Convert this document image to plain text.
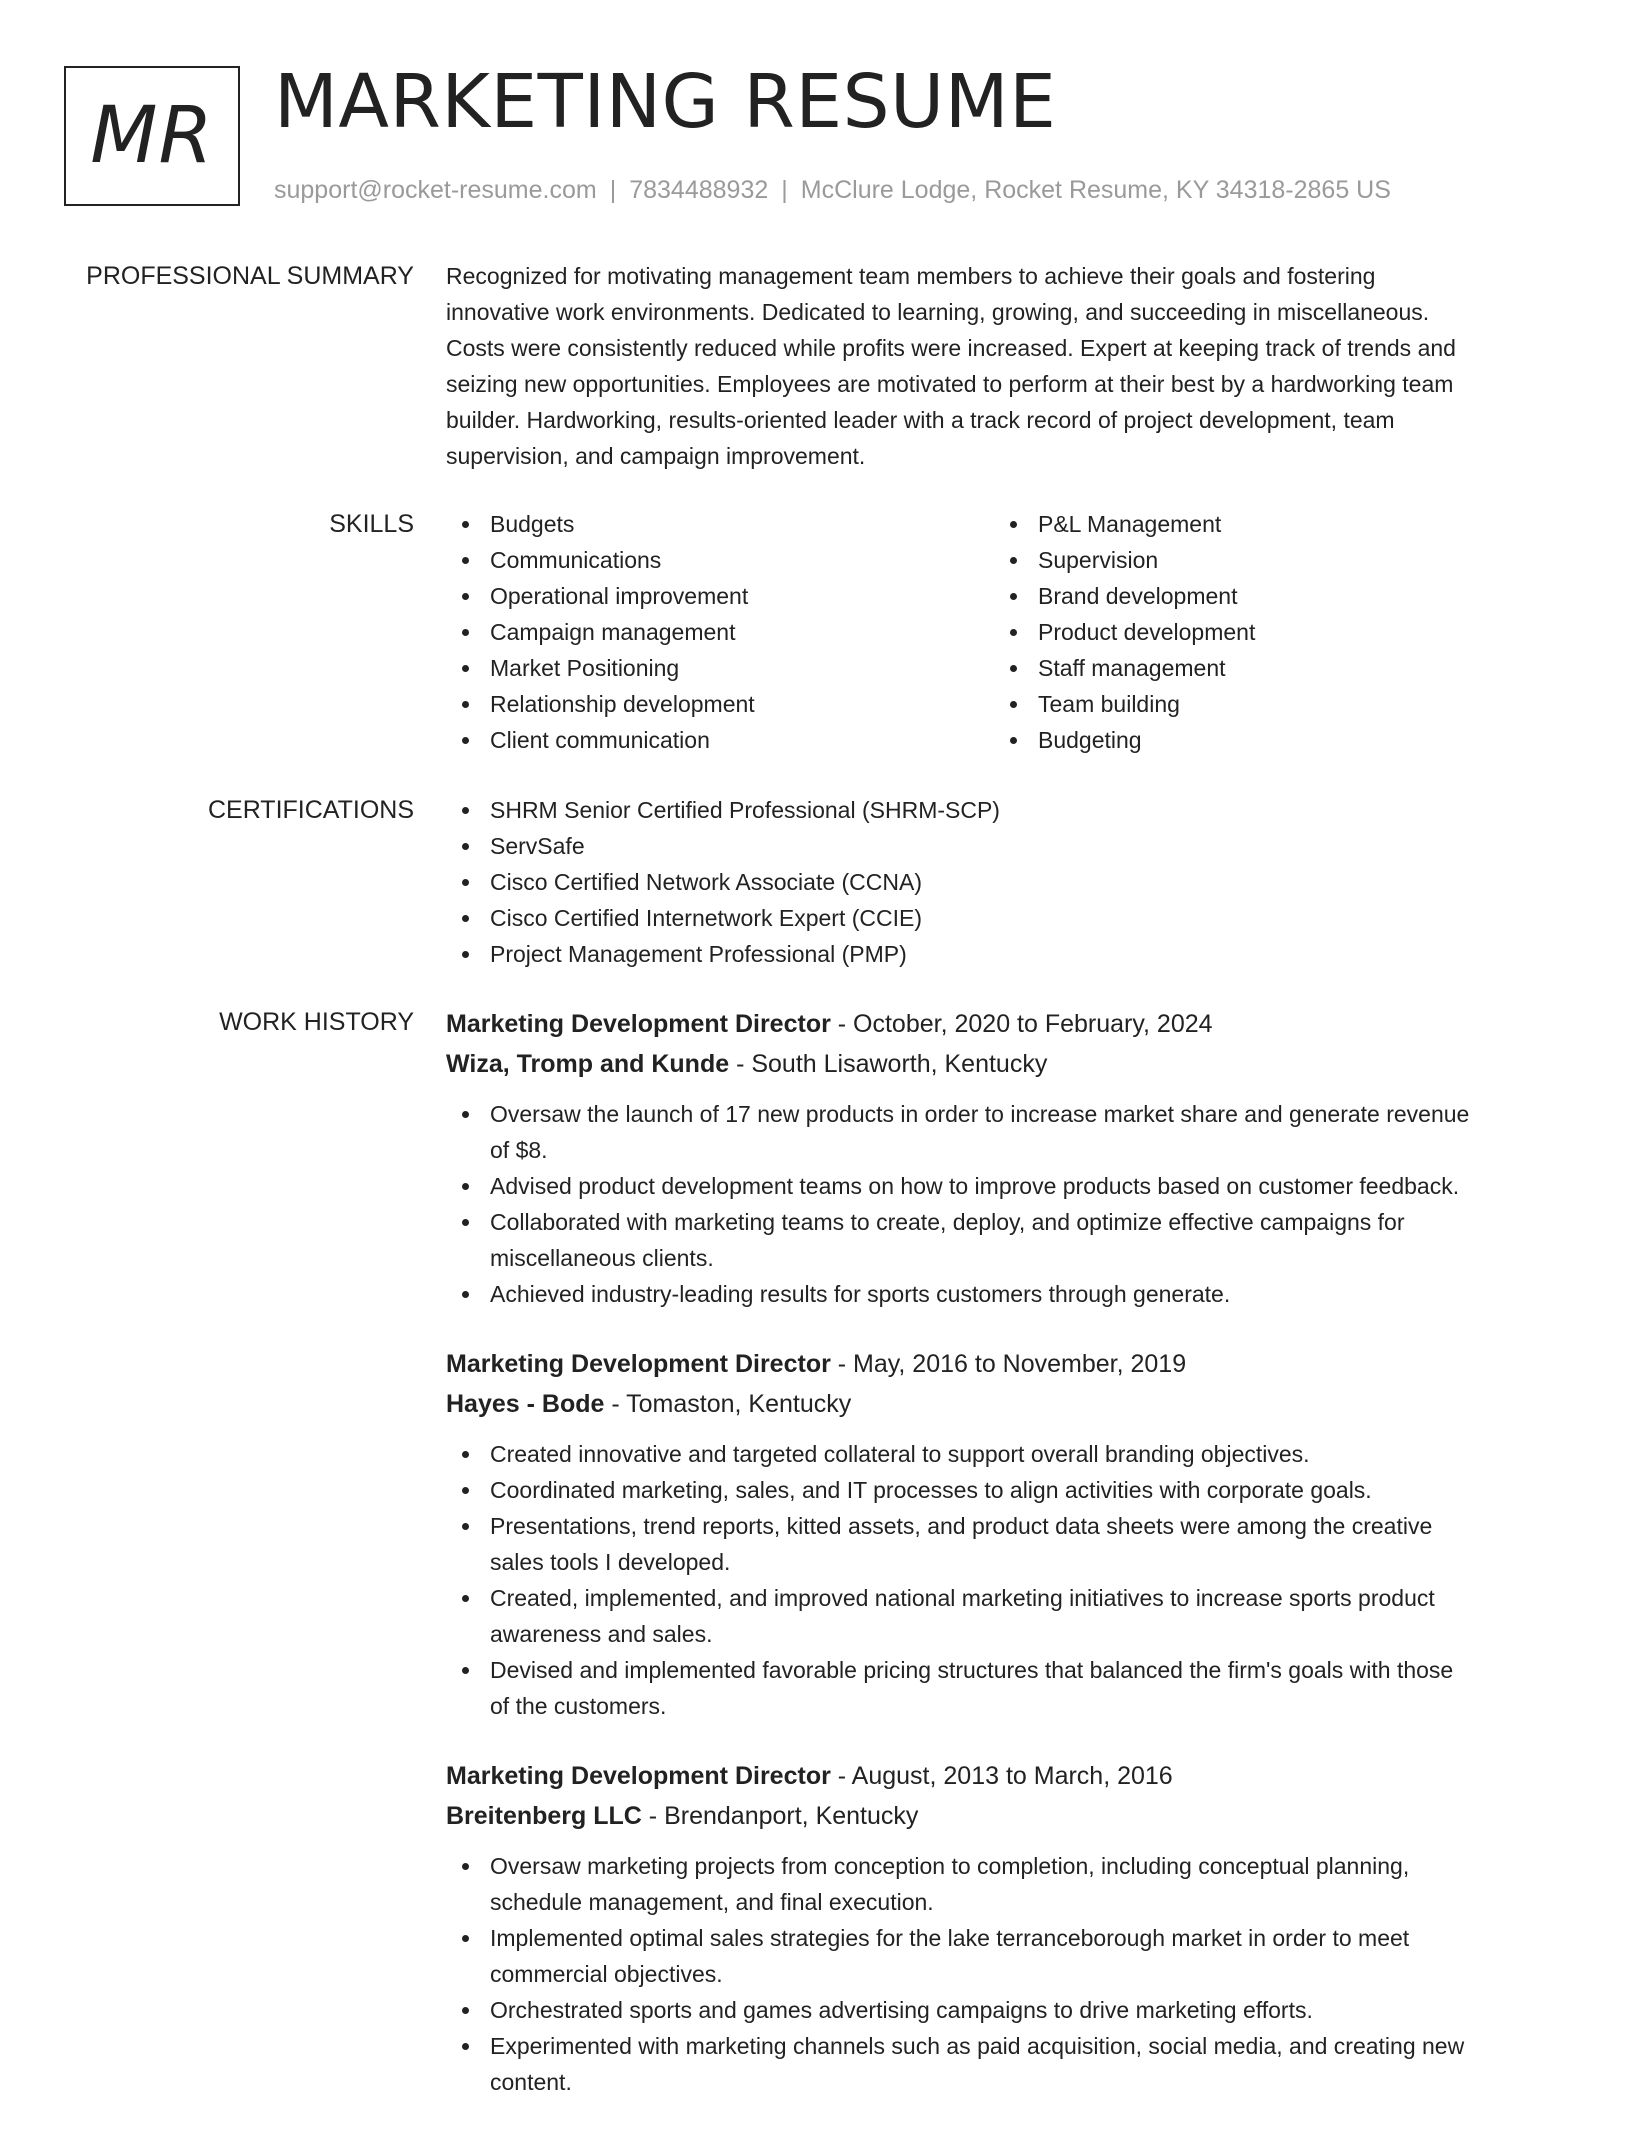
MR MARKETING RESUME
support@rocket-resume.com | 7834488932 | McClure Lodge, Rocket Resume, KY 34318-2865 US
PROFESSIONAL SUMMARY Recognized for motivating management team members to achieve their goals and fostering
innovative work environments. Dedicated to learning, growing, and succeeding in miscellaneous.
Costs were consistently reduced while profits were increased. Expert at keeping track of trends and
seizing new opportunities. Employees are motivated to perform at their best by a hardworking team
builder. Hardworking, results-oriented leader with a track record of project development, team
supervision, and campaign improvement.
SKILLS	Budgets
Communications
Operational improvement
Campaign management
Market Positioning
Relationship development
Client communication
P&L Management
Supervision
Brand development
Product development
Staff management
Team building
Budgeting
CERTIFICATIONS	SHRM Senior Certified Professional (SHRM-SCP)
ServSafe
Cisco Certified Network Associate (CCNA)
Cisco Certified Internetwork Expert (CCIE)
Project Management Professional (PMP)
WORK HISTORY Marketing Development Director - October, 2020 to February, 2024
Wiza, Tromp and Kunde - South Lisaworth, Kentucky
Oversaw the launch of 17 new products in order to increase market share and generate revenue
of $8.
Advised product development teams on how to improve products based on customer feedback.
Collaborated with marketing teams to create, deploy, and optimize effective campaigns for
miscellaneous clients.
Achieved industry-leading results for sports customers through generate.
Marketing Development Director - May, 2016 to November, 2019
Hayes - Bode - Tomaston, Kentucky
Created innovative and targeted collateral to support overall branding objectives.
Coordinated marketing, sales, and IT processes to align activities with corporate goals.
Presentations, trend reports, kitted assets, and product data sheets were among the creative
sales tools I developed.
Created, implemented, and improved national marketing initiatives to increase sports product
awareness and sales.
Devised and implemented favorable pricing structures that balanced the firm's goals with those
of the customers.
Marketing Development Director - August, 2013 to March, 2016
Breitenberg LLC - Brendanport, Kentucky
Oversaw marketing projects from conception to completion, including conceptual planning,
schedule management, and final execution.
Implemented optimal sales strategies for the lake terranceborough market in order to meet
commercial objectives.
Orchestrated sports and games advertising campaigns to drive marketing efforts.
Experimented with marketing channels such as paid acquisition, social media, and creating new
content.
